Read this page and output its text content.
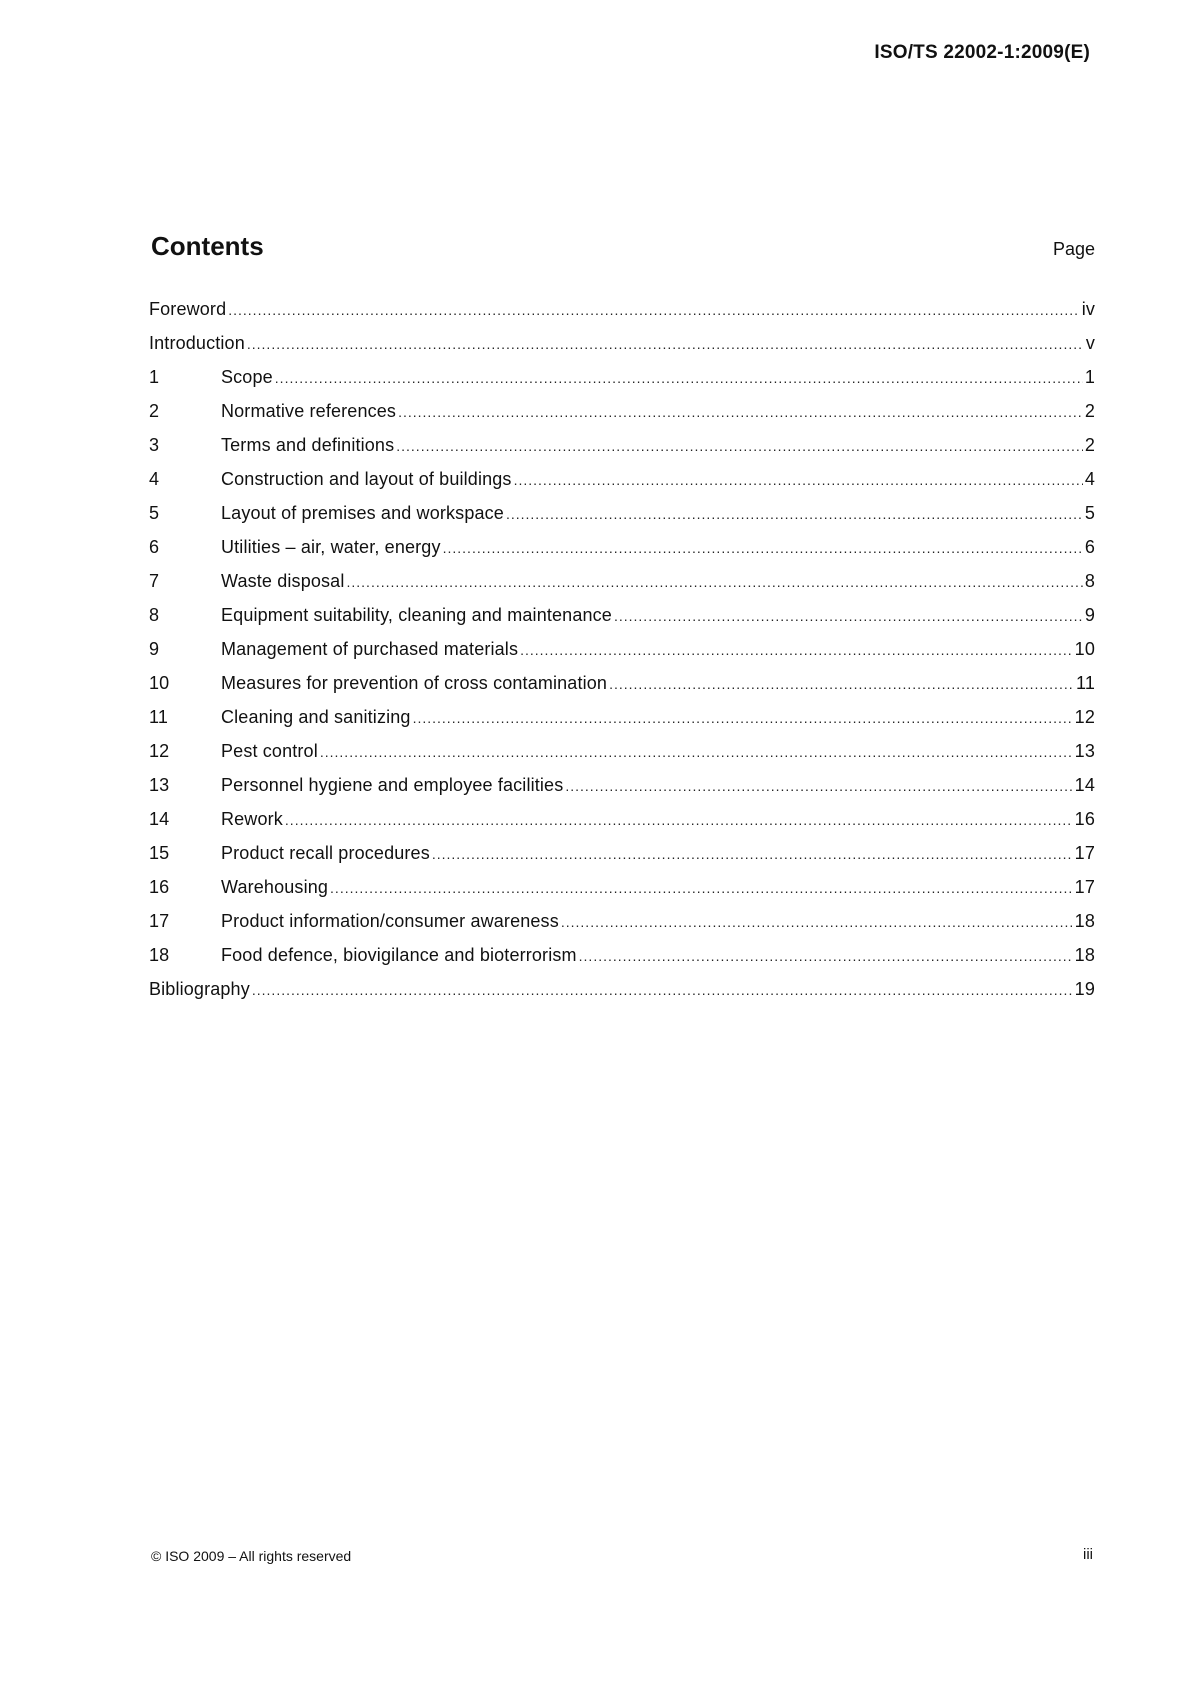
ISO/TS 22002-1:2009(E)
Contents	Page
Foreword .....	iv
Introduction .....	v
1	Scope .....	1
2	Normative references .....	2
3	Terms and definitions .....	2
4	Construction and layout of buildings .....	4
5	Layout of premises and workspace .....	5
6	Utilities – air, water, energy .....	6
7	Waste disposal .....	8
8	Equipment suitability, cleaning and maintenance .....	9
9	Management of purchased materials .....	10
10	Measures for prevention of cross contamination .....	11
11	Cleaning and sanitizing .....	12
12	Pest control .....	13
13	Personnel hygiene and employee facilities .....	14
14	Rework .....	16
15	Product recall procedures .....	17
16	Warehousing .....	17
17	Product information/consumer awareness .....	18
18	Food defence, biovigilance and bioterrorism .....	18
Bibliography .....	19
© ISO 2009 – All rights reserved	iii
